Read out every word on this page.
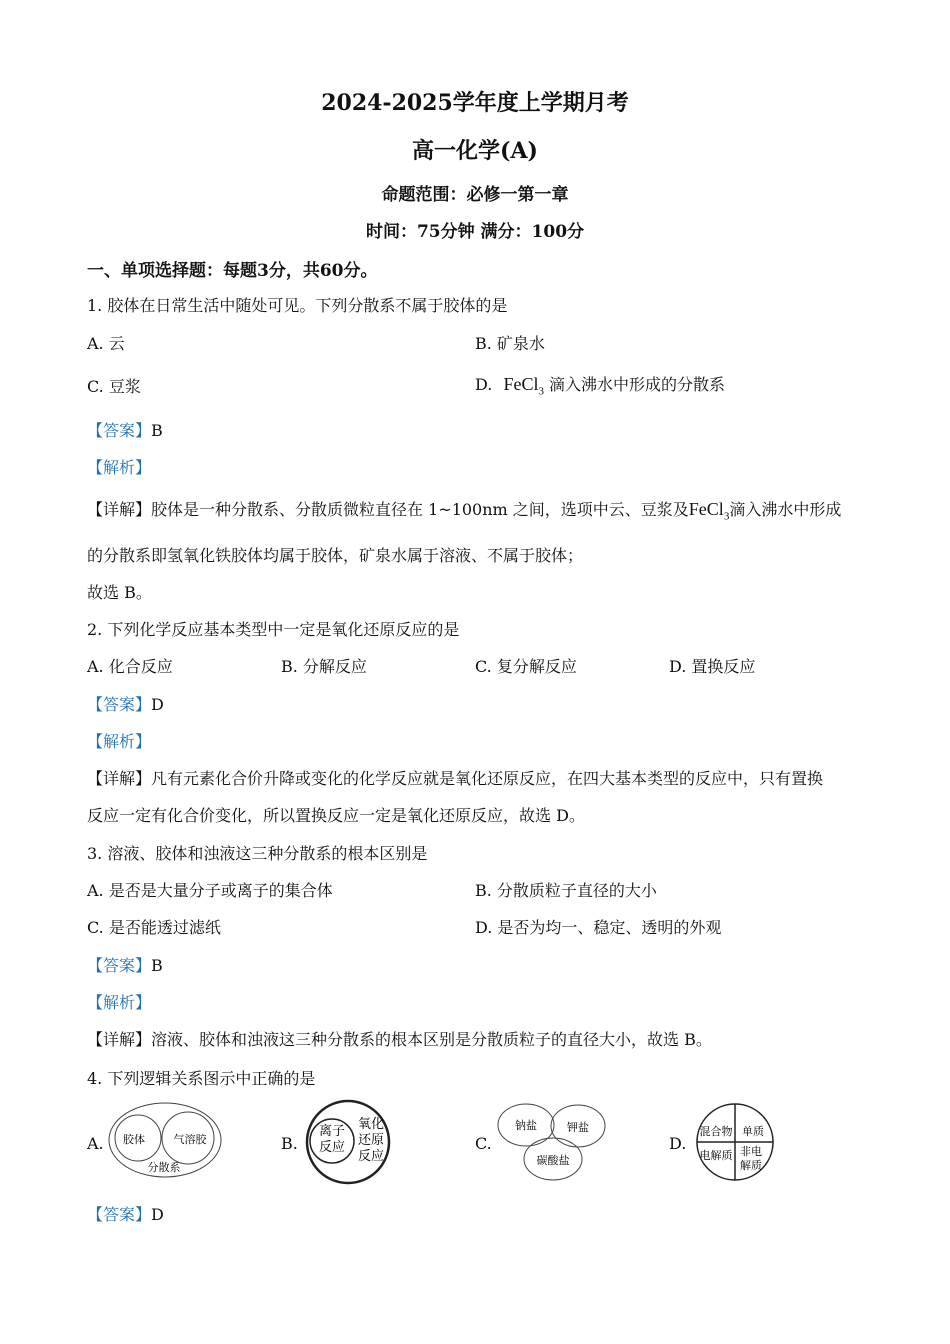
2024-2025学年度上学期月考
高一化学(A)
命题范围：必修一第一章
时间：75分钟 满分：100分
一、单项选择题：每题3分，共60分。
1. 胶体在日常生活中随处可见。下列分散系不属于胶体的是
A. 云	B. 矿泉水
C. 豆浆	D. FeCl$_3$ 滴入沸水中形成的分散系
【答案】B
【解析】
【详解】胶体是一种分散系、分散质微粒直径在 1~100nm 之间，选项中云、豆浆及FeCl$_3$滴入沸水中形成
的分散系即氢氧化铁胶体均属于胶体，矿泉水属于溶液、不属于胶体；
故选 B。
2. 下列化学反应基本类型中一定是氧化还原反应的是
A. 化合反应	B. 分解反应	C. 复分解反应	D. 置换反应
【答案】D
【解析】
【详解】凡有元素化合价升降或变化的化学反应就是氧化还原反应，在四大基本类型的反应中，只有置换
反应一定有化合价变化，所以置换反应一定是氧化还原反应，故选 D。
3. 溶液、胶体和浊液这三种分散系的根本区别是
A. 是否是大量分子或离子的集合体	B. 分散质粒子直径的大小
C. 是否能透过滤纸	D. 是否为均一、稳定、透明的外观
【答案】B
【解析】
【详解】溶液、胶体和浊液这三种分散系的根本区别是分散质粒子的直径大小，故选 B。
4. 下列逻辑关系图示中正确的是
A. 胶体	气溶胶
分散系
B.
离子
反应
氧化
还原
反应
C.
钠盐	钾盐
碳酸盐
D.
混合物 单质
电解质 非电
解质
【答案】D
